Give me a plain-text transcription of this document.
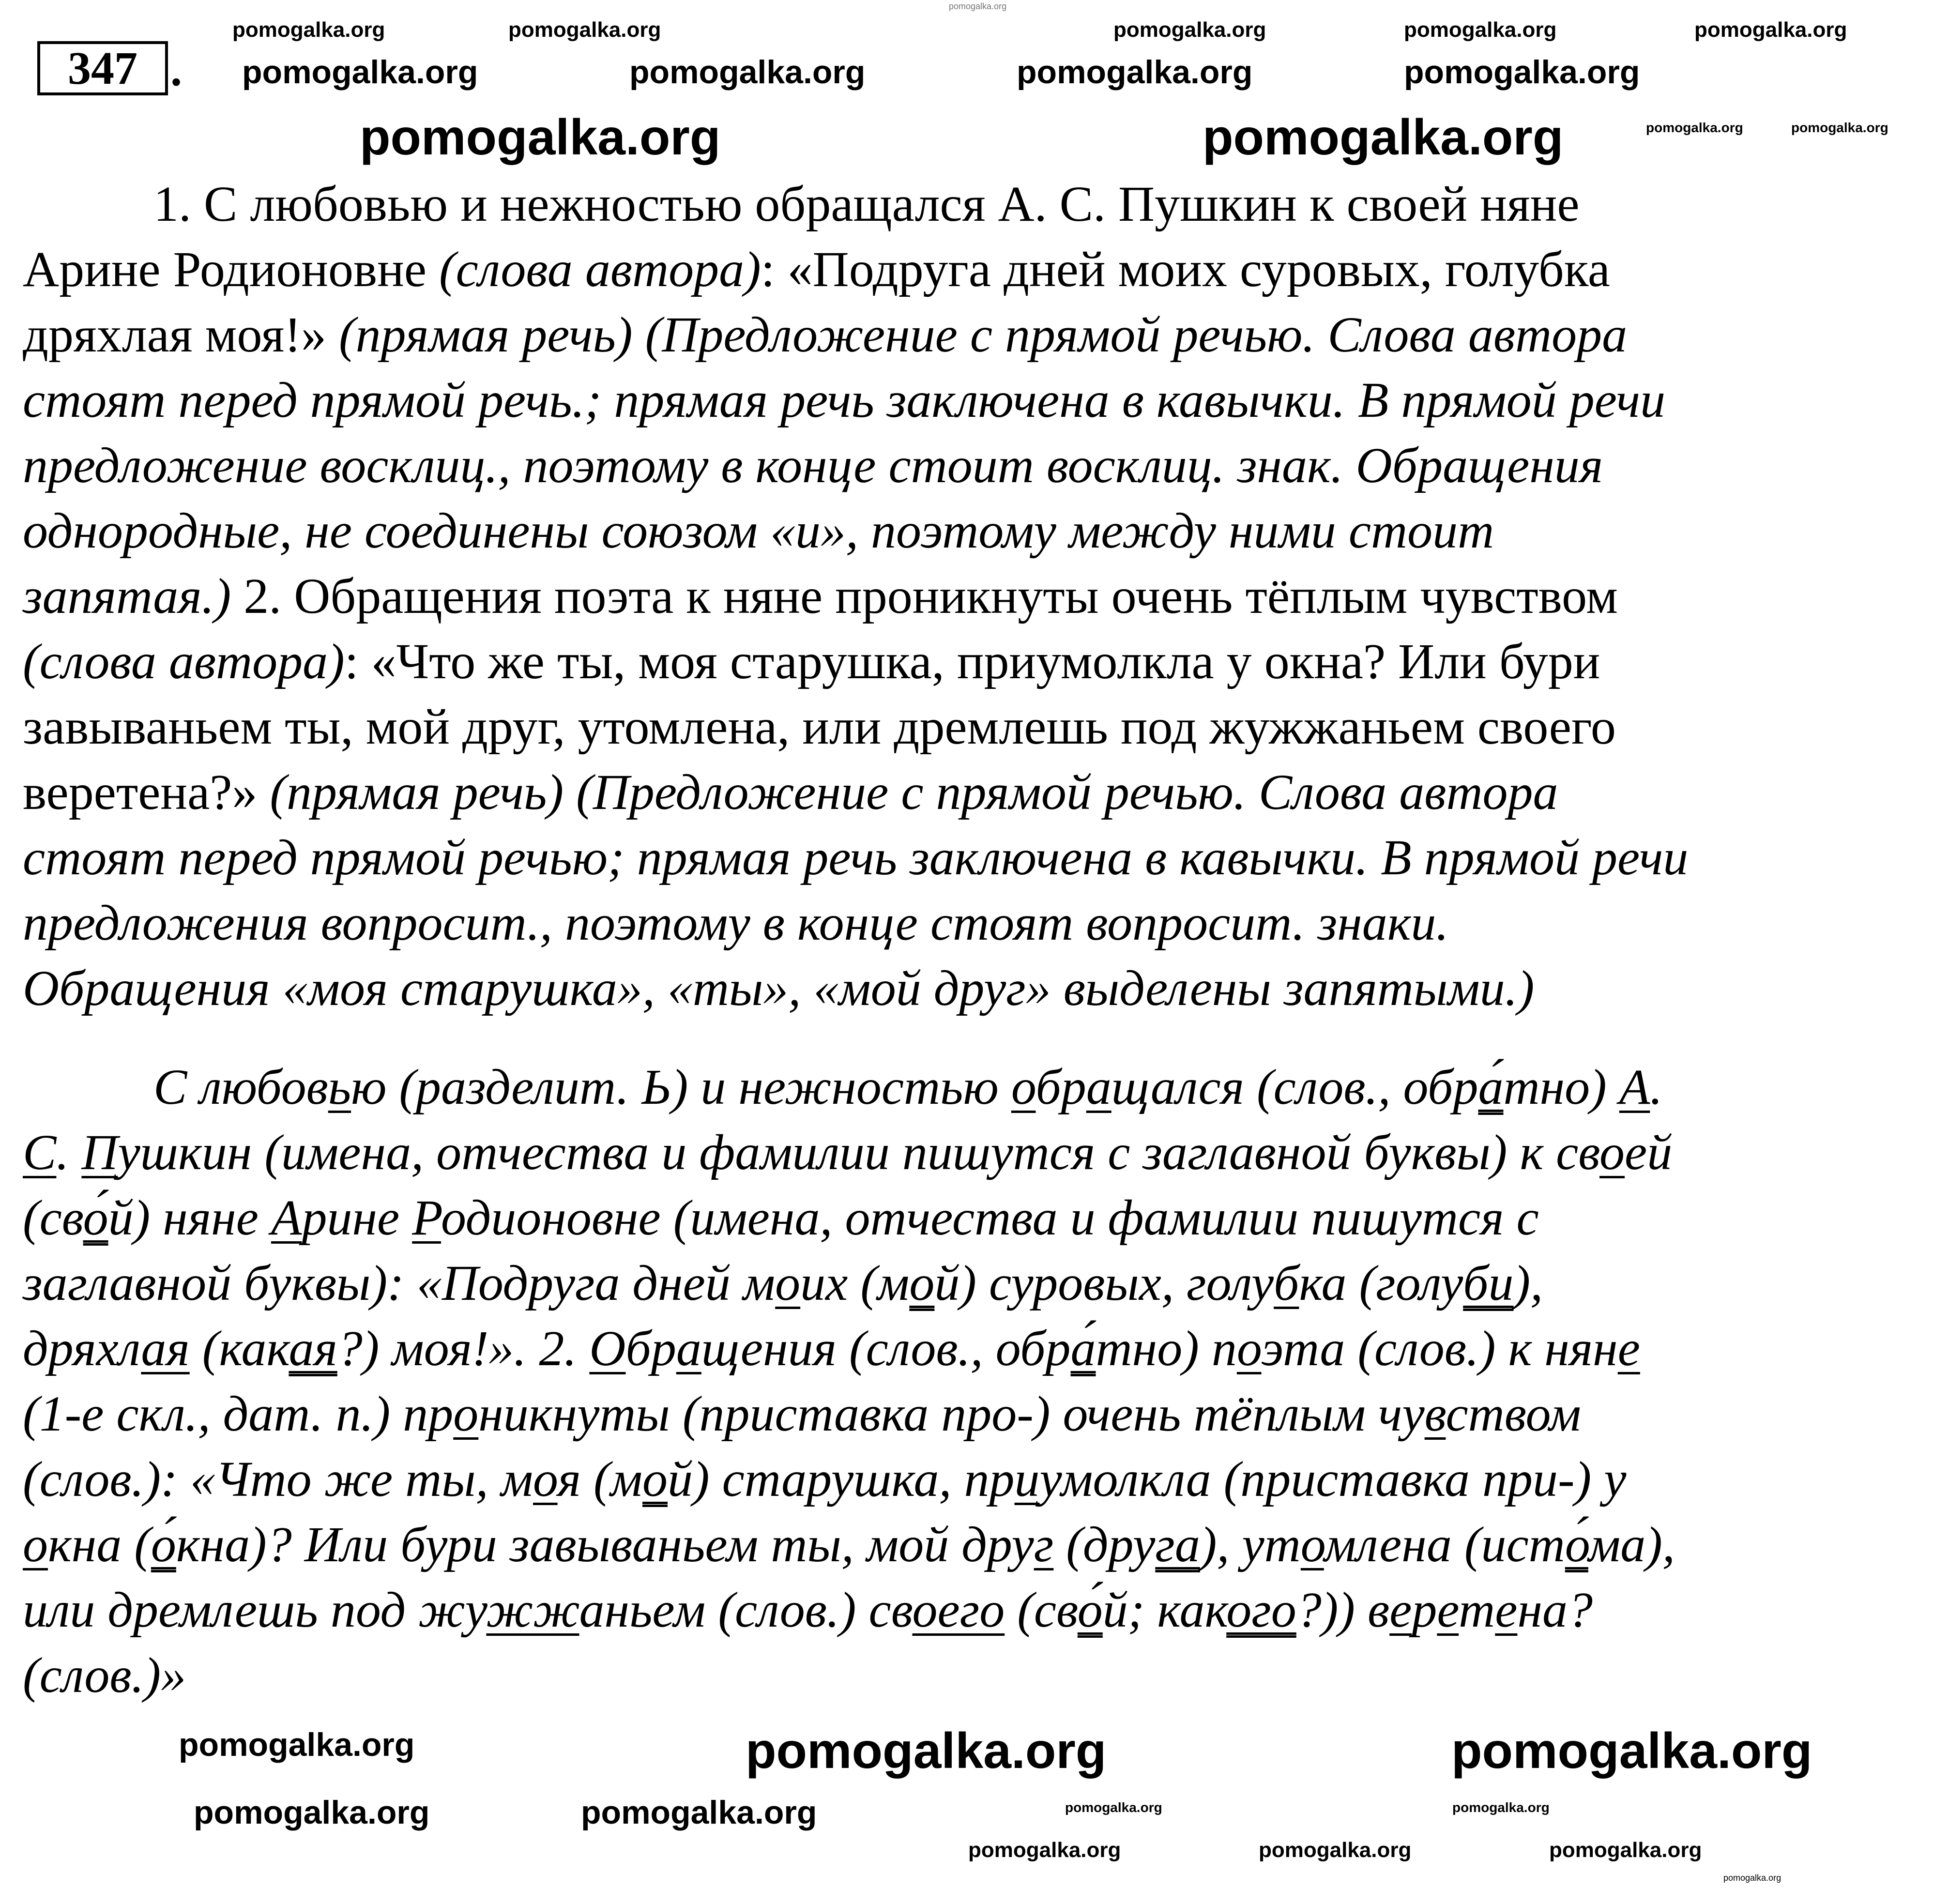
347 .
1. С любовью и нежностью обращался А. С. Пушкин к своей няне
Арине Родионовне (слова автора): «Подруга дней моих суровых, голубка
дряхлая моя!» (прямая речь) (Предложение с прямой речью. Слова автора
стоят перед прямой речь.; прямая речь заключена в кавычки. В прямой речи
предложение восклиц., поэтому в конце стоит восклиц. знак. Обращения
однородные, не соединены союзом «и», поэтому между ними стоит
запятая.) 2. Обращения поэта к няне проникнуты очень тёплым чувством
(слова автора): «Что же ты, моя старушка, приумолкла у окна? Или бури
завываньем ты, мой друг, утомлена, или дремлешь под жужжаньем своего
веретена?» (прямая речь) (Предложение с прямой речью. Слова автора
стоят перед прямой речью; прямая речь заключена в кавычки. В прямой речи
предложения вопросит., поэтому в конце стоят вопросит. знаки.
Обращения «моя старушка», «ты», «мой друг» выделены запятыми.)
С любовью (разделит. Ь) и нежностью обращался (слов., обра́тно) А.
С. Пушкин (имена, отчества и фамилии пишутся с заглавной буквы) к своей
(сво́й) няне Арине Родионовне (имена, отчества и фамилии пишутся с
заглавной буквы): «Подруга дней моих (мой) суровых, голубка (голуби),
дряхлая (какая?) моя!». 2. Обращения (слов., обра́тно) поэта (слов.) к няне
(1-е скл., дат. п.) проникнуты (приставка про-) очень тёплым чувством
(слов.): «Что же ты, моя (мой) старушка, приумолкла (приставка при-) у
окна (о́кна)? Или бури завываньем ты, мой друг (друга), утомлена (исто́ма),
или дремлешь под жужжаньем (слов.) своего (сво́й; какого?)) веретена?
(слов.)»
pomogalka.org
pomogalka.org	pomogalka.org	pomogalka.org	pomogalka.org	pomogalka.org
pomogalka.org	pomogalka.org	pomogalka.org	pomogalka.org
pomogalka.org	pomogalka.org	pomogalka.org	pomogalka.org
pomogalka.org	pomogalka.org	pomogalka.org
pomogalka.org	pomogalka.org	pomogalka.org	pomogalka.org
pomogalka.org	pomogalka.org	pomogalka.org
pomogalka.org
